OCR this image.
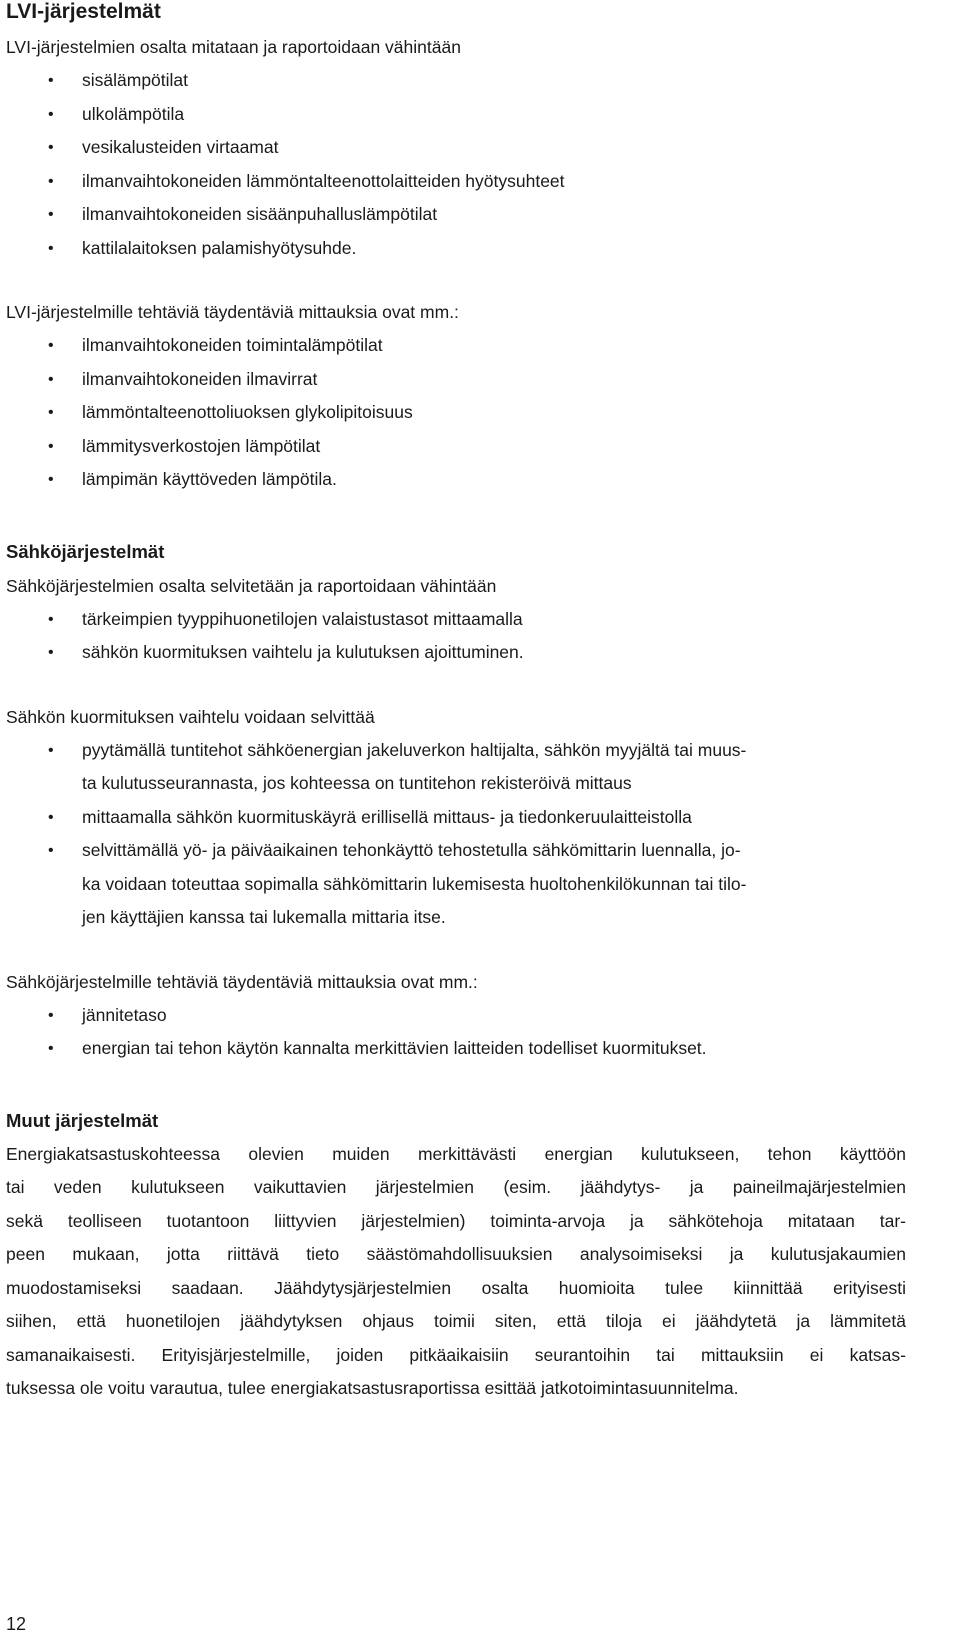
LVI-järjestelmät
LVI-järjestelmien osalta mitataan ja raportoidaan vähintään
• sisälämpötilat
• ulkolämpötila
• vesikalusteiden virtaamat
• ilmanvaihtokoneiden lämmöntalteenottolaitteiden hyötysuhteet
• ilmanvaihtokoneiden sisäänpuhalluslämpötilat
• kattilalaitoksen palamishyötysuhde.
LVI-järjestelmille tehtäviä täydentäviä mittauksia ovat mm.:
• ilmanvaihtokoneiden toimintalämpötilat
• ilmanvaihtokoneiden ilmavirrat
• lämmöntalteenottoliuoksen glykolipitoisuus
• lämmitysverkostojen lämpötilat
• lämpimän käyttöveden lämpötila.
Sähköjärjestelmät
Sähköjärjestelmien osalta selvitetään ja raportoidaan vähintään
• tärkeimpien tyyppihuonetilojen valaistustasot mittaamalla
• sähkön kuormituksen vaihtelu ja kulutuksen ajoittuminen.
Sähkön kuormituksen vaihtelu voidaan selvittää
• pyytämällä tuntitehot sähköenergian jakeluverkon haltijalta, sähkön myyjältä tai muus-
ta kulutusseurannasta, jos kohteessa on tuntitehon rekisteröivä mittaus
• mittaamalla sähkön kuormituskäyrä erillisellä mittaus- ja tiedonkeruulaitteistolla
• selvittämällä yö- ja päiväaikainen tehonkäyttö tehostetulla sähkömittarin luennalla, jo-
ka voidaan toteuttaa sopimalla sähkömittarin lukemisesta huoltohenkilökunnan tai tilo-
jen käyttäjien kanssa tai lukemalla mittaria itse.
Sähköjärjestelmille tehtäviä täydentäviä mittauksia ovat mm.:
• jännitetaso
• energian tai tehon käytön kannalta merkittävien laitteiden todelliset kuormitukset.
Muut järjestelmät
Energiakatsastuskohteessa olevien muiden merkittävästi energian kulutukseen, tehon käyttöön
tai veden kulutukseen vaikuttavien järjestelmien (esim. jäähdytys- ja paineilmajärjestelmien
sekä teolliseen tuotantoon liittyvien järjestelmien) toiminta-arvoja ja sähkötehoja mitataan tar-
peen mukaan, jotta riittävä tieto säästömahdollisuuksien analysoimiseksi ja kulutusjakaumien
muodostamiseksi saadaan. Jäähdytysjärjestelmien osalta huomioita tulee kiinnittää erityisesti
siihen, että huonetilojen jäähdytyksen ohjaus toimii siten, että tiloja ei jäähdytetä ja lämmitetä
samanaikaisesti. Erityisjärjestelmille, joiden pitkäaikaisiin seurantoihin tai mittauksiin ei katsas-
tuksessa ole voitu varautua, tulee energiakatsastusraportissa esittää jatkotoimintasuunnitelma.
12
